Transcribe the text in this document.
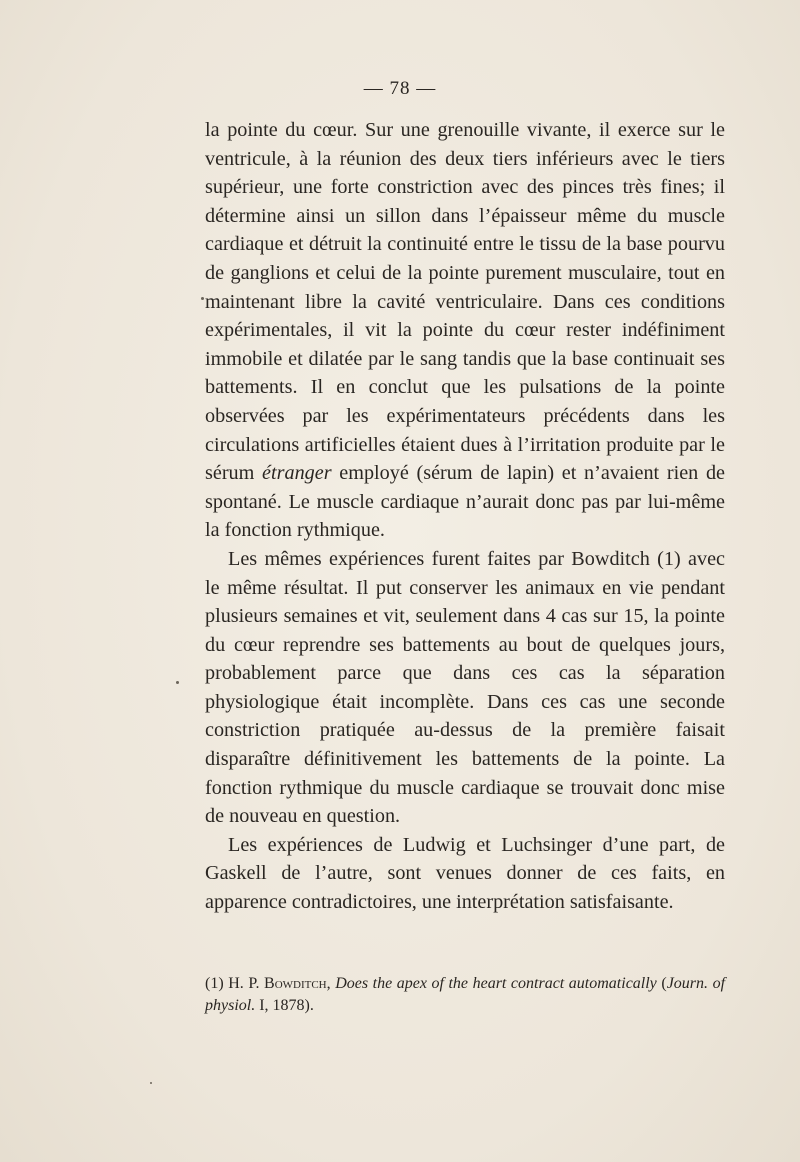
— 78 —

la pointe du cœur. Sur une grenouille vivante, il exerce sur le ventricule, à la réunion des deux tiers inférieurs avec le tiers supérieur, une forte constriction avec des pinces très fines; il détermine ainsi un sillon dans l’épaisseur même du muscle cardiaque et détruit la continuité entre le tissu de la base pourvu de ganglions et celui de la pointe purement musculaire, tout en maintenant libre la cavité ventriculaire. Dans ces conditions expérimentales, il vit la pointe du cœur rester indéfiniment immobile et dilatée par le sang tandis que la base continuait ses battements. Il en conclut que les pulsations de la pointe observées par les expérimentateurs précédents dans les circulations artificielles étaient dues à l’irritation produite par le sérum étranger employé (sérum de lapin) et n’avaient rien de spontané. Le muscle cardiaque n’aurait donc pas par lui-même la fonction rythmique.

Les mêmes expériences furent faites par Bowditch (1) avec le même résultat. Il put conserver les animaux en vie pendant plusieurs semaines et vit, seulement dans 4 cas sur 15, la pointe du cœur reprendre ses battements au bout de quelques jours, probablement parce que dans ces cas la séparation physiologique était incomplète. Dans ces cas une seconde constriction pratiquée au-dessus de la première faisait disparaître définitivement les battements de la pointe. La fonction rythmique du muscle cardiaque se trouvait donc mise de nouveau en question.

Les expériences de Ludwig et Luchsinger d’une part, de Gaskell de l’autre, sont venues donner de ces faits, en apparence contradictoires, une interprétation satisfaisante.

(1) H. P. Bowditch, Does the apex of the heart contract automatically (Journ. of physiol. I, 1878).
